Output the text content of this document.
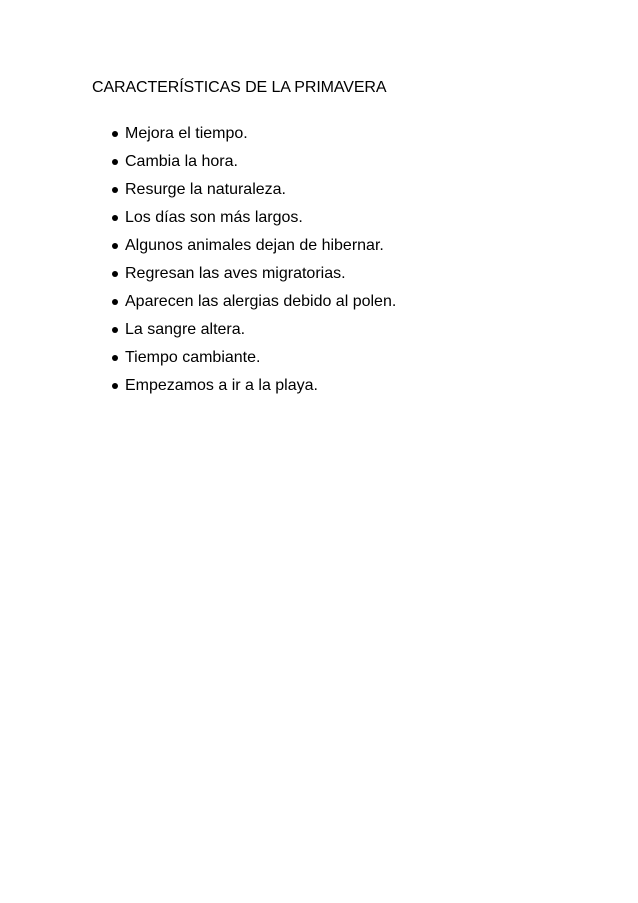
CARACTERÍSTICAS DE LA PRIMAVERA
Mejora el tiempo.
Cambia la hora.
Resurge la naturaleza.
Los días son más largos.
Algunos animales dejan de hibernar.
Regresan las aves migratorias.
Aparecen las alergias debido al polen.
La sangre altera.
Tiempo cambiante.
Empezamos a ir a la playa.
